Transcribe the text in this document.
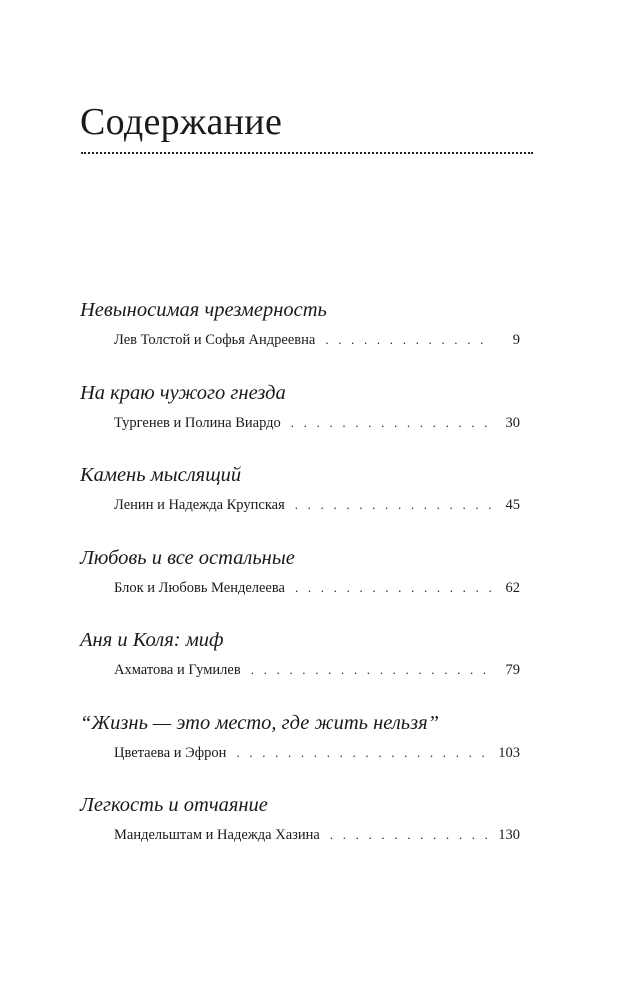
Содержание
Невыносимая чрезмерность
Лев Толстой и Софья Андреевна . . .	9
На краю чужого гнезда
Тургенев и Полина Виардо . . .	30
Камень мыслящий
Ленин и Надежда Крупская . . .	45
Любовь и все остальные
Блок и Любовь Менделеева . . .	62
Аня и Коля: миф
Ахматова и Гумилев . . .	79
“Жизнь — это место, где жить нельзя”
Цветаева и Эфрон . . .	103
Легкость и отчаяние
Мандельштам и Надежда Хазина . . .	130
